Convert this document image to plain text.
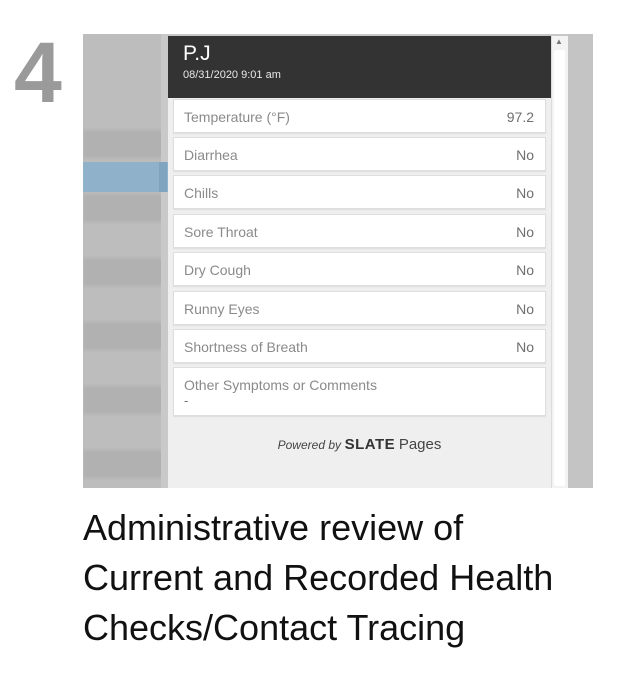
4	P.J
08/31/2020 9:01 am
Temperature (°F)	97.2
Diarrhea	No
Chills	No
Sore Throat	No
Dry Cough	No
Runny Eyes	No
Shortness of Breath	No
Other Symptoms or Comments
-
Powered by SLATE Pages
▲
Administrative review of
Current and Recorded Health
Checks/Contact Tracing
